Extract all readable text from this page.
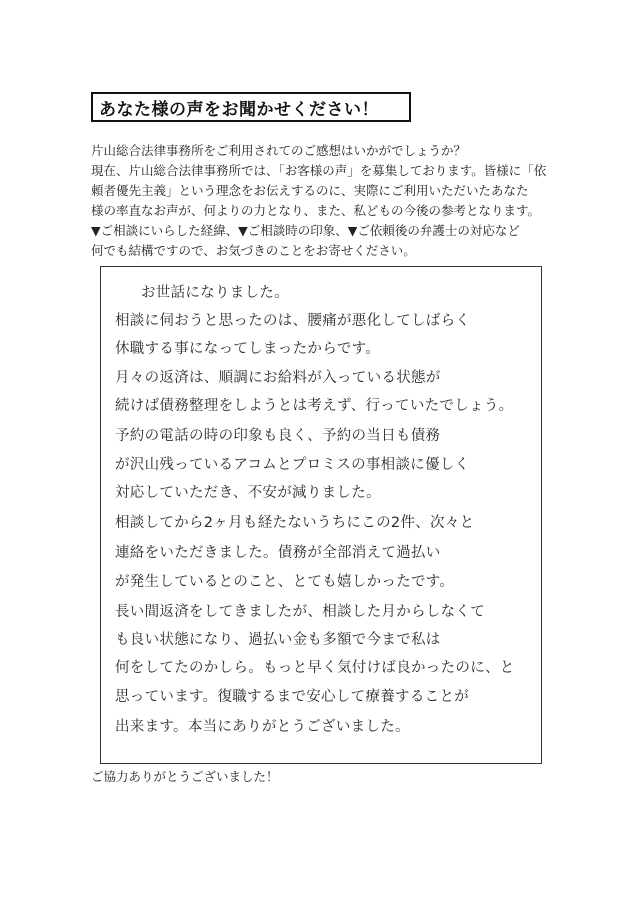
あなた様の声をお聞かせください！
片山総合法律事務所をご利用されてのご感想はいかがでしょうか？ 現在、片山総合法律事務所では、「お客様の声」を募集しております。皆様に「依 頼者優先主義」という理念をお伝えするのに、実際にご利用いただいたあなた 様の率直なお声が、何よりの力となり、また、私どもの今後の参考となります。 ▼ご相談にいらした経緯、▼ご相談時の印象、▼ご依頼後の弁護士の対応など 何でも結構ですので、お気づきのことをお寄せください。
お世話になりました。
相談に伺おうと思ったのは、腰痛が悪化してしばらく
休職する事になってしまったからです。
月々の返済は、順調にお給料が入っている状態が
続けば債務整理をしようとは考えず、行っていたでしょう。
予約の電話の時の印象も良く、予約の当日も債務
が沢山残っているアコムとプロミスの事相談に優しく
対応していただき、不安が減りました。
相談してから2ヶ月も経たないうちにこの2件、次々と
連絡をいただきました。債務が全部消えて過払い
が発生しているとのこと、とても嬉しかったです。
長い間返済をしてきましたが、相談した月からしなくて
も良い状態になり、過払い金も多額で今まで私は
何をしてたのかしら。もっと早く気付けば良かったのに、と
思っています。復職するまで安心して療養することが
出来ます。本当にありがとうございました。
ご協力ありがとうございました！
